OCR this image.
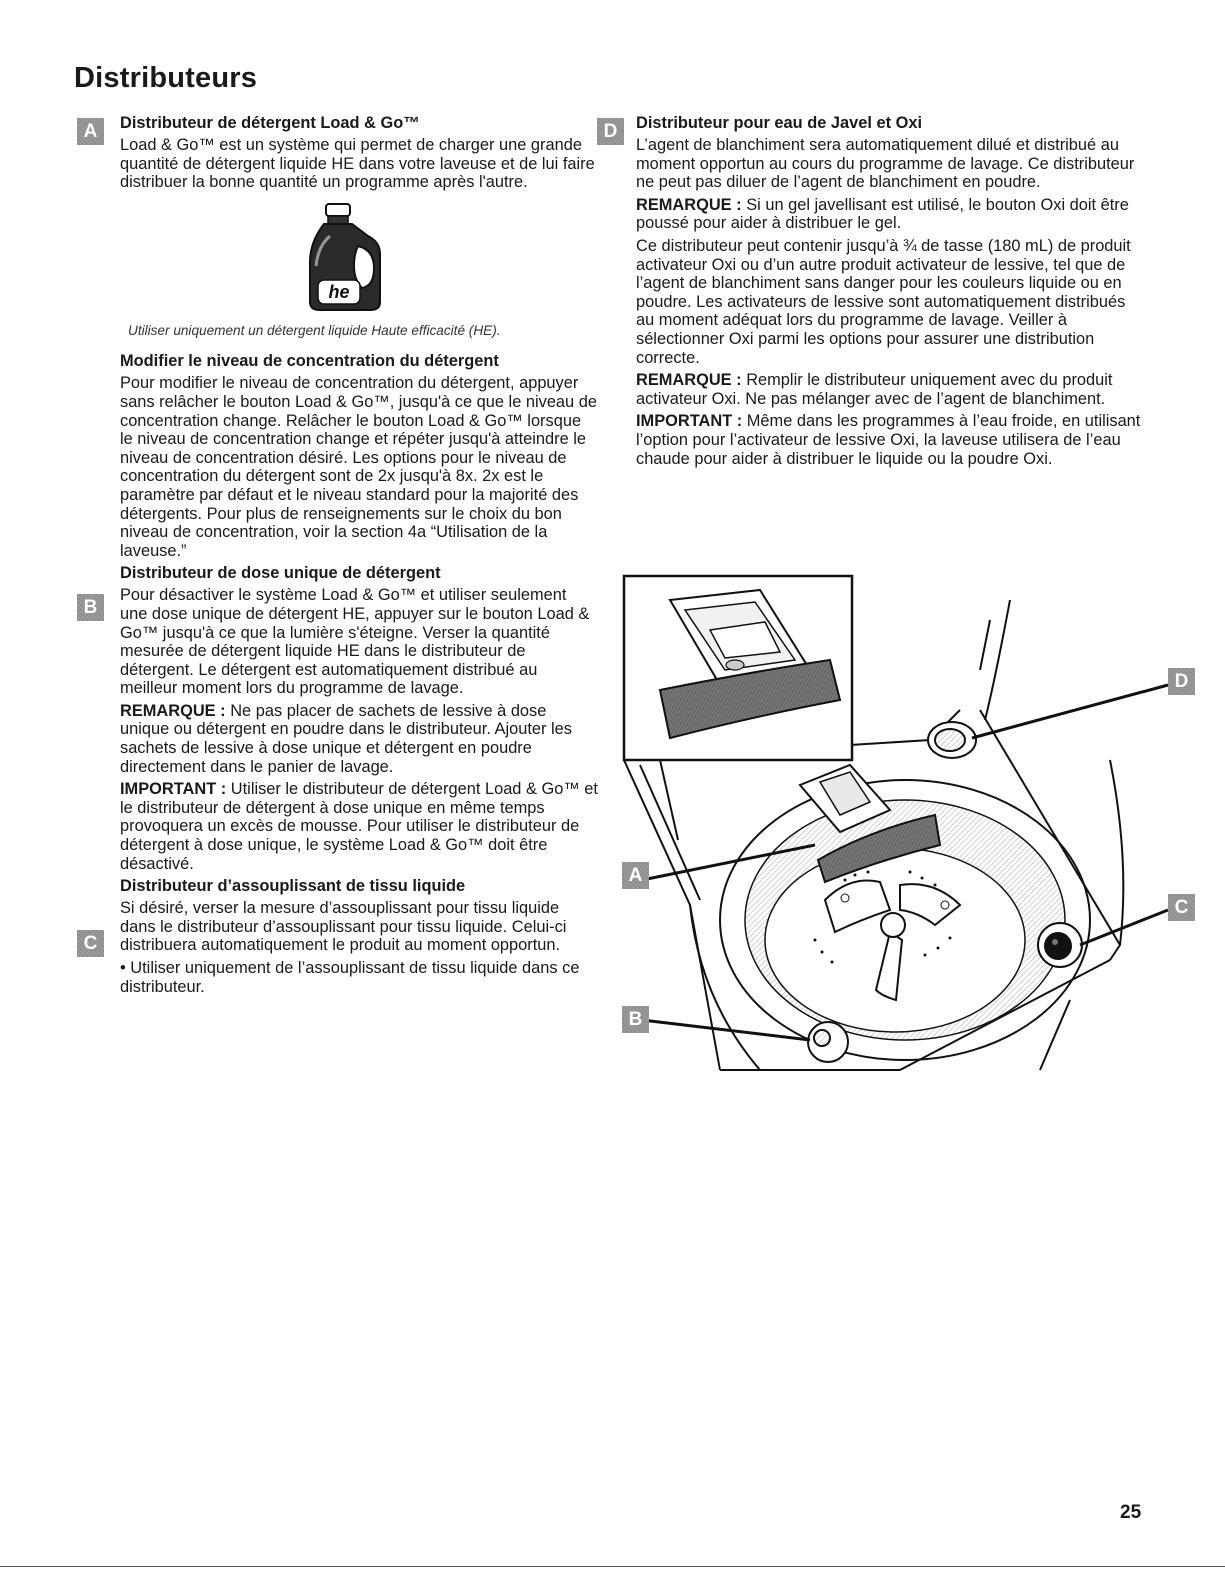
Distributeurs
A
B
C
D
Distributeur de détergent Load & Go™

Load & Go™ est un système qui permet de charger une grande quantité de détergent liquide HE dans votre laveuse et de lui faire distribuer la bonne quantité un programme après l'autre.

he

Utiliser uniquement un détergent liquide Haute efficacité (HE).

Modifier le niveau de concentration du détergent

Pour modifier le niveau de concentration du détergent, appuyer sans relâcher le bouton Load & Go™, jusqu'à ce que le niveau de concentration change. Relâcher le bouton Load & Go™ lorsque le niveau de concentration change et répéter jusqu'à atteindre le niveau de concentration désiré. Les options pour le niveau de concentration du détergent sont de 2x jusqu'à 8x. 2x est le paramètre par défaut et le niveau standard pour la majorité des détergents. Pour plus de renseignements sur le choix du bon niveau de concentration, voir la section 4a “Utilisation de la laveuse.”

Distributeur de dose unique de détergent

Pour désactiver le système Load & Go™ et utiliser seulement une dose unique de détergent HE, appuyer sur le bouton Load & Go™ jusqu'à ce que la lumière s'éteigne. Verser la quantité mesurée de détergent liquide HE dans le distributeur de détergent. Le détergent est automatiquement distribué au meilleur moment lors du programme de lavage.

REMARQUE : Ne pas placer de sachets de lessive à dose unique ou détergent en poudre dans le distributeur. Ajouter les sachets de lessive à dose unique et détergent en poudre directement dans le panier de lavage.

IMPORTANT : Utiliser le distributeur de détergent Load & Go™ et le distributeur de détergent à dose unique en même temps provoquera un excès de mousse. Pour utiliser le distributeur de détergent à dose unique, le système Load & Go™ doit être désactivé.

Distributeur d’assouplissant de tissu liquide

Si désiré, verser la mesure d’assouplissant pour tissu liquide dans le distributeur d’assouplissant pour tissu liquide. Celui-ci distribuera automatiquement le produit au moment opportun.

• Utiliser uniquement de l’assouplissant de tissu liquide dans ce distributeur.

Distributeur pour eau de Javel et Oxi

L’agent de blanchiment sera automatiquement dilué et distribué au moment opportun au cours du programme de lavage. Ce distributeur ne peut pas diluer de l’agent de blanchiment en poudre.

REMARQUE : Si un gel javellisant est utilisé, le bouton Oxi doit être poussé pour aider à distribuer le gel.

Ce distributeur peut contenir jusqu’à ¾ de tasse (180 mL) de produit activateur Oxi ou d’un autre produit activateur de lessive, tel que de l’agent de blanchiment sans danger pour les couleurs liquide ou en poudre. Les activateurs de lessive sont automatiquement distribués au moment adéquat lors du programme de lavage. Veiller à sélectionner Oxi parmi les options pour assurer une distribution correcte.

REMARQUE : Remplir le distributeur uniquement avec du produit activateur Oxi. Ne pas mélanger avec de l’agent de blanchiment.

IMPORTANT : Même dans les programmes à l’eau froide, en utilisant l’option pour l’activateur de lessive Oxi, la laveuse utilisera de l’eau chaude pour aider à distribuer le liquide ou la poudre Oxi.

D
A
C
B
25
